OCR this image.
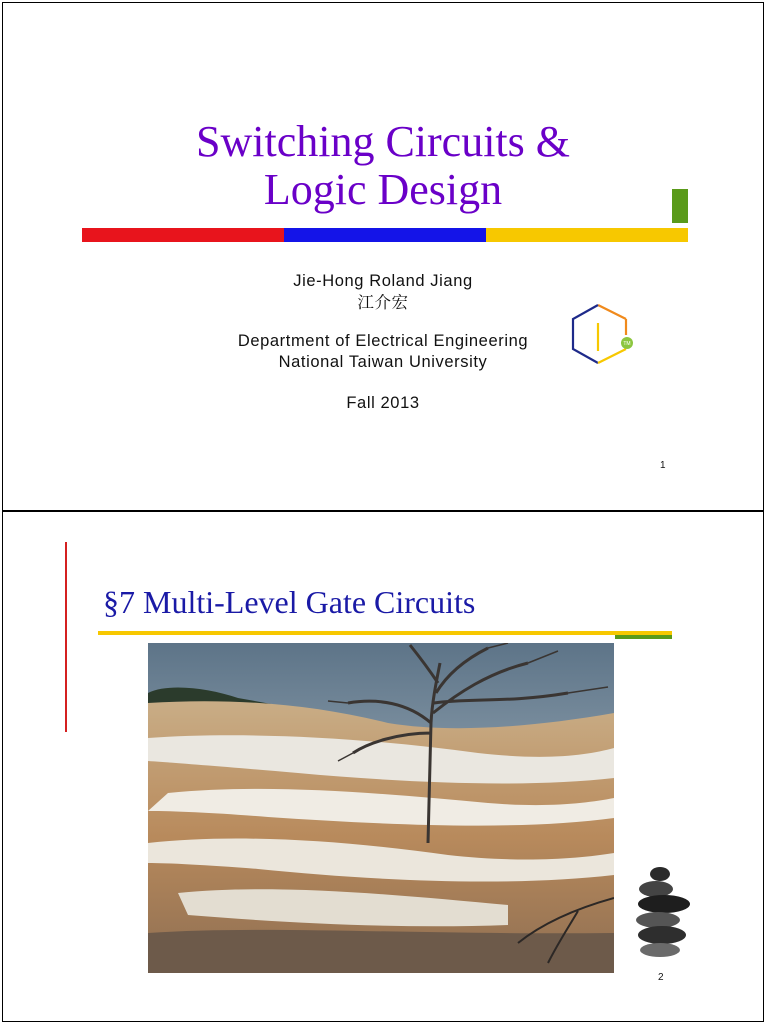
Switching Circuits &
Logic Design
Jie-Hong Roland Jiang
江介宏
Department of Electrical Engineering
National Taiwan University
Fall 2013
TM
1
§7 Multi-Level Gate Circuits
2
